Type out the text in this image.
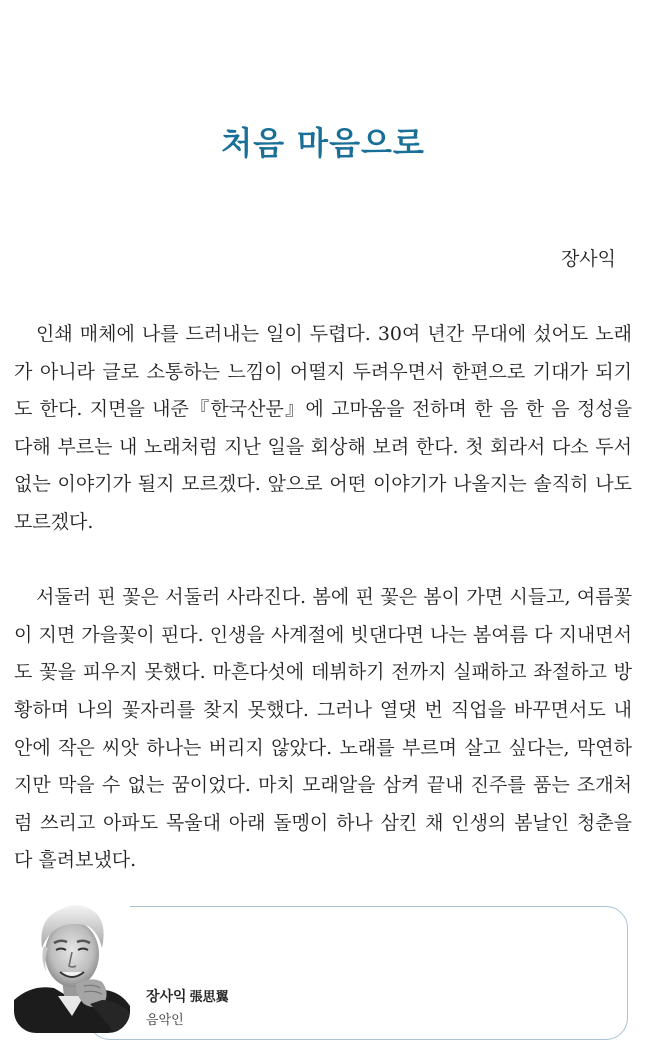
처음 마음으로
장사익

인쇄 매체에 나를 드러내는 일이 두렵다. 30여 년간 무대에 섰어도 노래가 아니라 글로 소통하는 느낌이 어떨지 두려우면서 한편으로 기대가 되기도 한다. 지면을 내준『한국산문』에 고마움을 전하며 한 음 한 음 정성을 다해 부르는 내 노래처럼 지난 일을 회상해 보려 한다. 첫 회라서 다소 두서없는 이야기가 될지 모르겠다. 앞으로 어떤 이야기가 나올지는 솔직히 나도 모르겠다.

서둘러 핀 꽃은 서둘러 사라진다. 봄에 핀 꽃은 봄이 가면 시들고, 여름꽃이 지면 가을꽃이 핀다. 인생을 사계절에 빗댄다면 나는 봄여름 다 지내면서도 꽃을 피우지 못했다. 마흔다섯에 데뷔하기 전까지 실패하고 좌절하고 방황하며 나의 꽃자리를 찾지 못했다. 그러나 열댓 번 직업을 바꾸면서도 내 안에 작은 씨앗 하나는 버리지 않았다. 노래를 부르며 살고 싶다는, 막연하지만 막을 수 없는 꿈이었다. 마치 모래알을 삼켜 끝내 진주를 품는 조개처럼 쓰리고 아파도 목울대 아래 돌멩이 하나 삼킨 채 인생의 봄날인 청춘을 다 흘려보냈다.

장사익 張思翼
음악인
